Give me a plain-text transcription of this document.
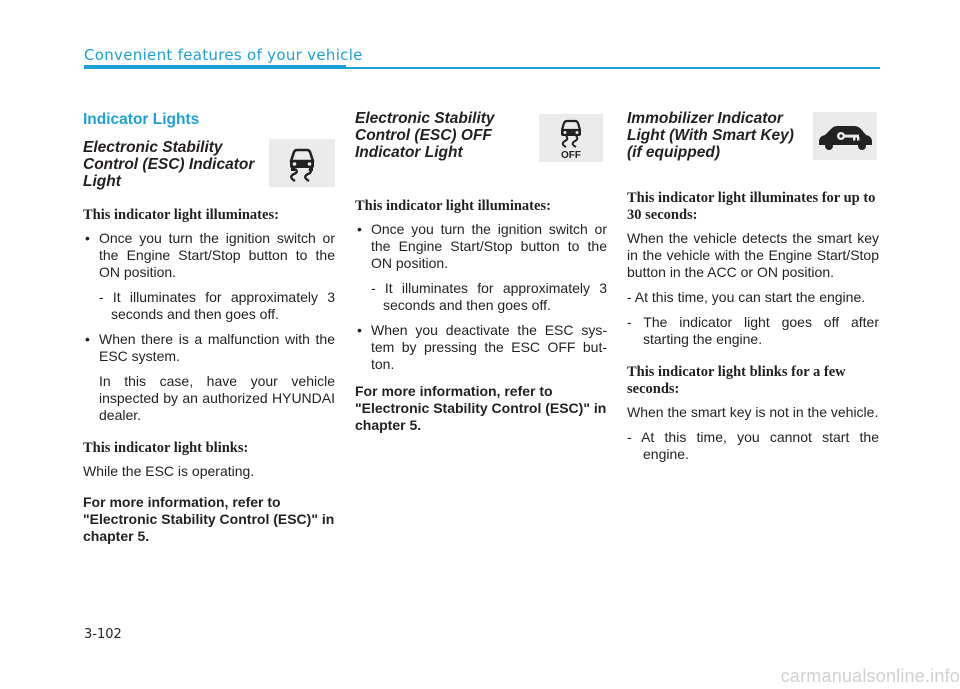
Convenient features of your vehicle
Indicator Lights
Electronic Stability Control (ESC) Indicator Light
This indicator light illuminates:
• Once you turn the ignition switch or the Engine Start/Stop button to the ON position.

- It illuminates for approximately 3 seconds and then goes off.

• When there is a malfunction with the ESC system.

In this case, have your vehicle inspected by an authorized HYUNDAI dealer.

This indicator light blinks:

While the ESC is operating.

For more information, refer to "Electronic Stability Control (ESC)" in chapter 5.

Electronic Stability Control (ESC) OFF Indicator Light	OFF
This indicator light illuminates:
• Once you turn the ignition switch or the Engine Start/Stop button to the ON position.

- It illuminates for approximately 3 seconds and then goes off.

• When you deactivate the ESC sys-tem by pressing the ESC OFF but-ton.

For more information, refer to "Electronic Stability Control (ESC)" in chapter 5.

Immobilizer Indicator Light (With Smart Key) (if equipped)
This indicator light illuminates for up to 30 seconds:

When the vehicle detects the smart key in the vehicle with the Engine Start/Stop button in the ACC or ON position.

- At this time, you can start the engine.

- The indicator light goes off after starting the engine.

This indicator light blinks for a few seconds:

When the smart key is not in the vehicle.

- At this time, you cannot start the engine.

3-102
carmanualsonline.info
